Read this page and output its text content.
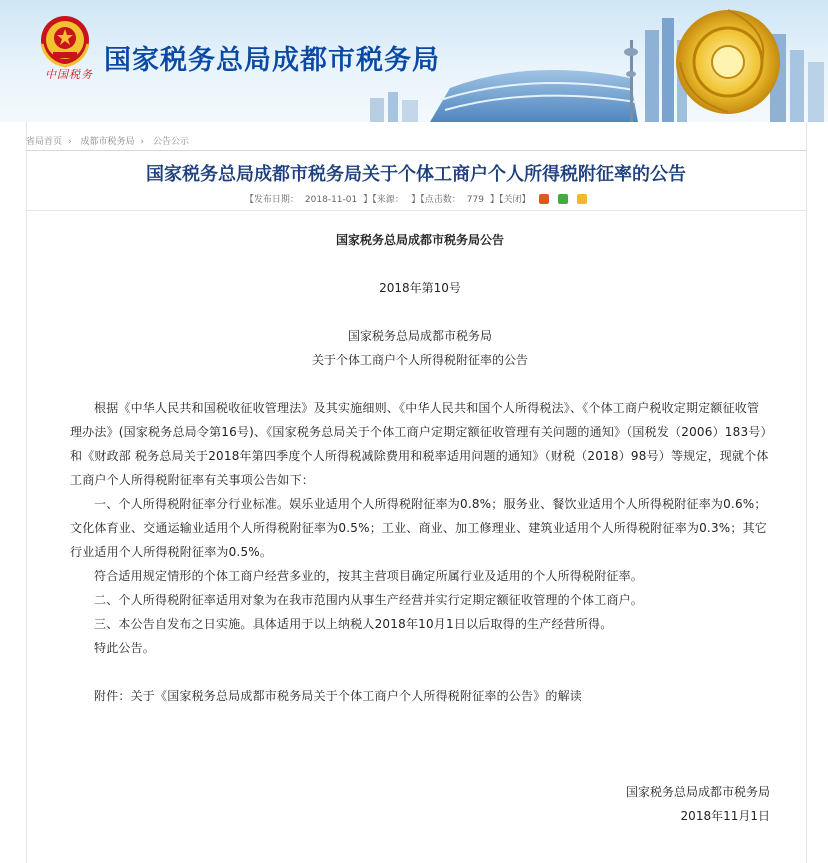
中国税务 国家税务总局成都市税务局
省局首页 › 成都市税务局 › 公告公示
国家税务总局成都市税务局关于个体工商户个人所得税附征率的公告
【发布日期： 2018-11-01 】【来源： 】【点击数： 779 】【关闭】

国家税务总局成都市税务局公告

2018年第10号

国家税务总局成都市税务局

关于个体工商户个人所得税附征率的公告

根据《中华人民共和国税收征收管理法》及其实施细则、《中华人民共和国个人所得税法》、《个体工商户税收定期定额征收管理办法》(国家税务总局令第16号)、《国家税务总局关于个体工商户定期定额征收管理有关问题的通知》（国税发（2006）183号）和《财政部 税务总局关于2018年第四季度个人所得税减除费用和税率适用问题的通知》（财税（2018）98号）等规定，现就个体工商户个人所得税附征率有关事项公告如下：

一、个人所得税附征率分行业标准。娱乐业适用个人所得税附征率为0.8%；服务业、餐饮业适用个人所得税附征率为0.6%；文化体育业、交通运输业适用个人所得税附征率为0.5%；工业、商业、加工修理业、建筑业适用个人所得税附征率为0.3%；其它行业适用个人所得税附征率为0.5%。

符合适用规定情形的个体工商户经营多业的，按其主营项目确定所属行业及适用的个人所得税附征率。

二、个人所得税附征率适用对象为在我市范围内从事生产经营并实行定期定额征收管理的个体工商户。

三、本公告自发布之日实施。具体适用于以上纳税人2018年10月1日以后取得的生产经营所得。

特此公告。

附件：关于《国家税务总局成都市税务局关于个体工商户个人所得税附征率的公告》的解读

国家税务总局成都市税务局

2018年11月1日
